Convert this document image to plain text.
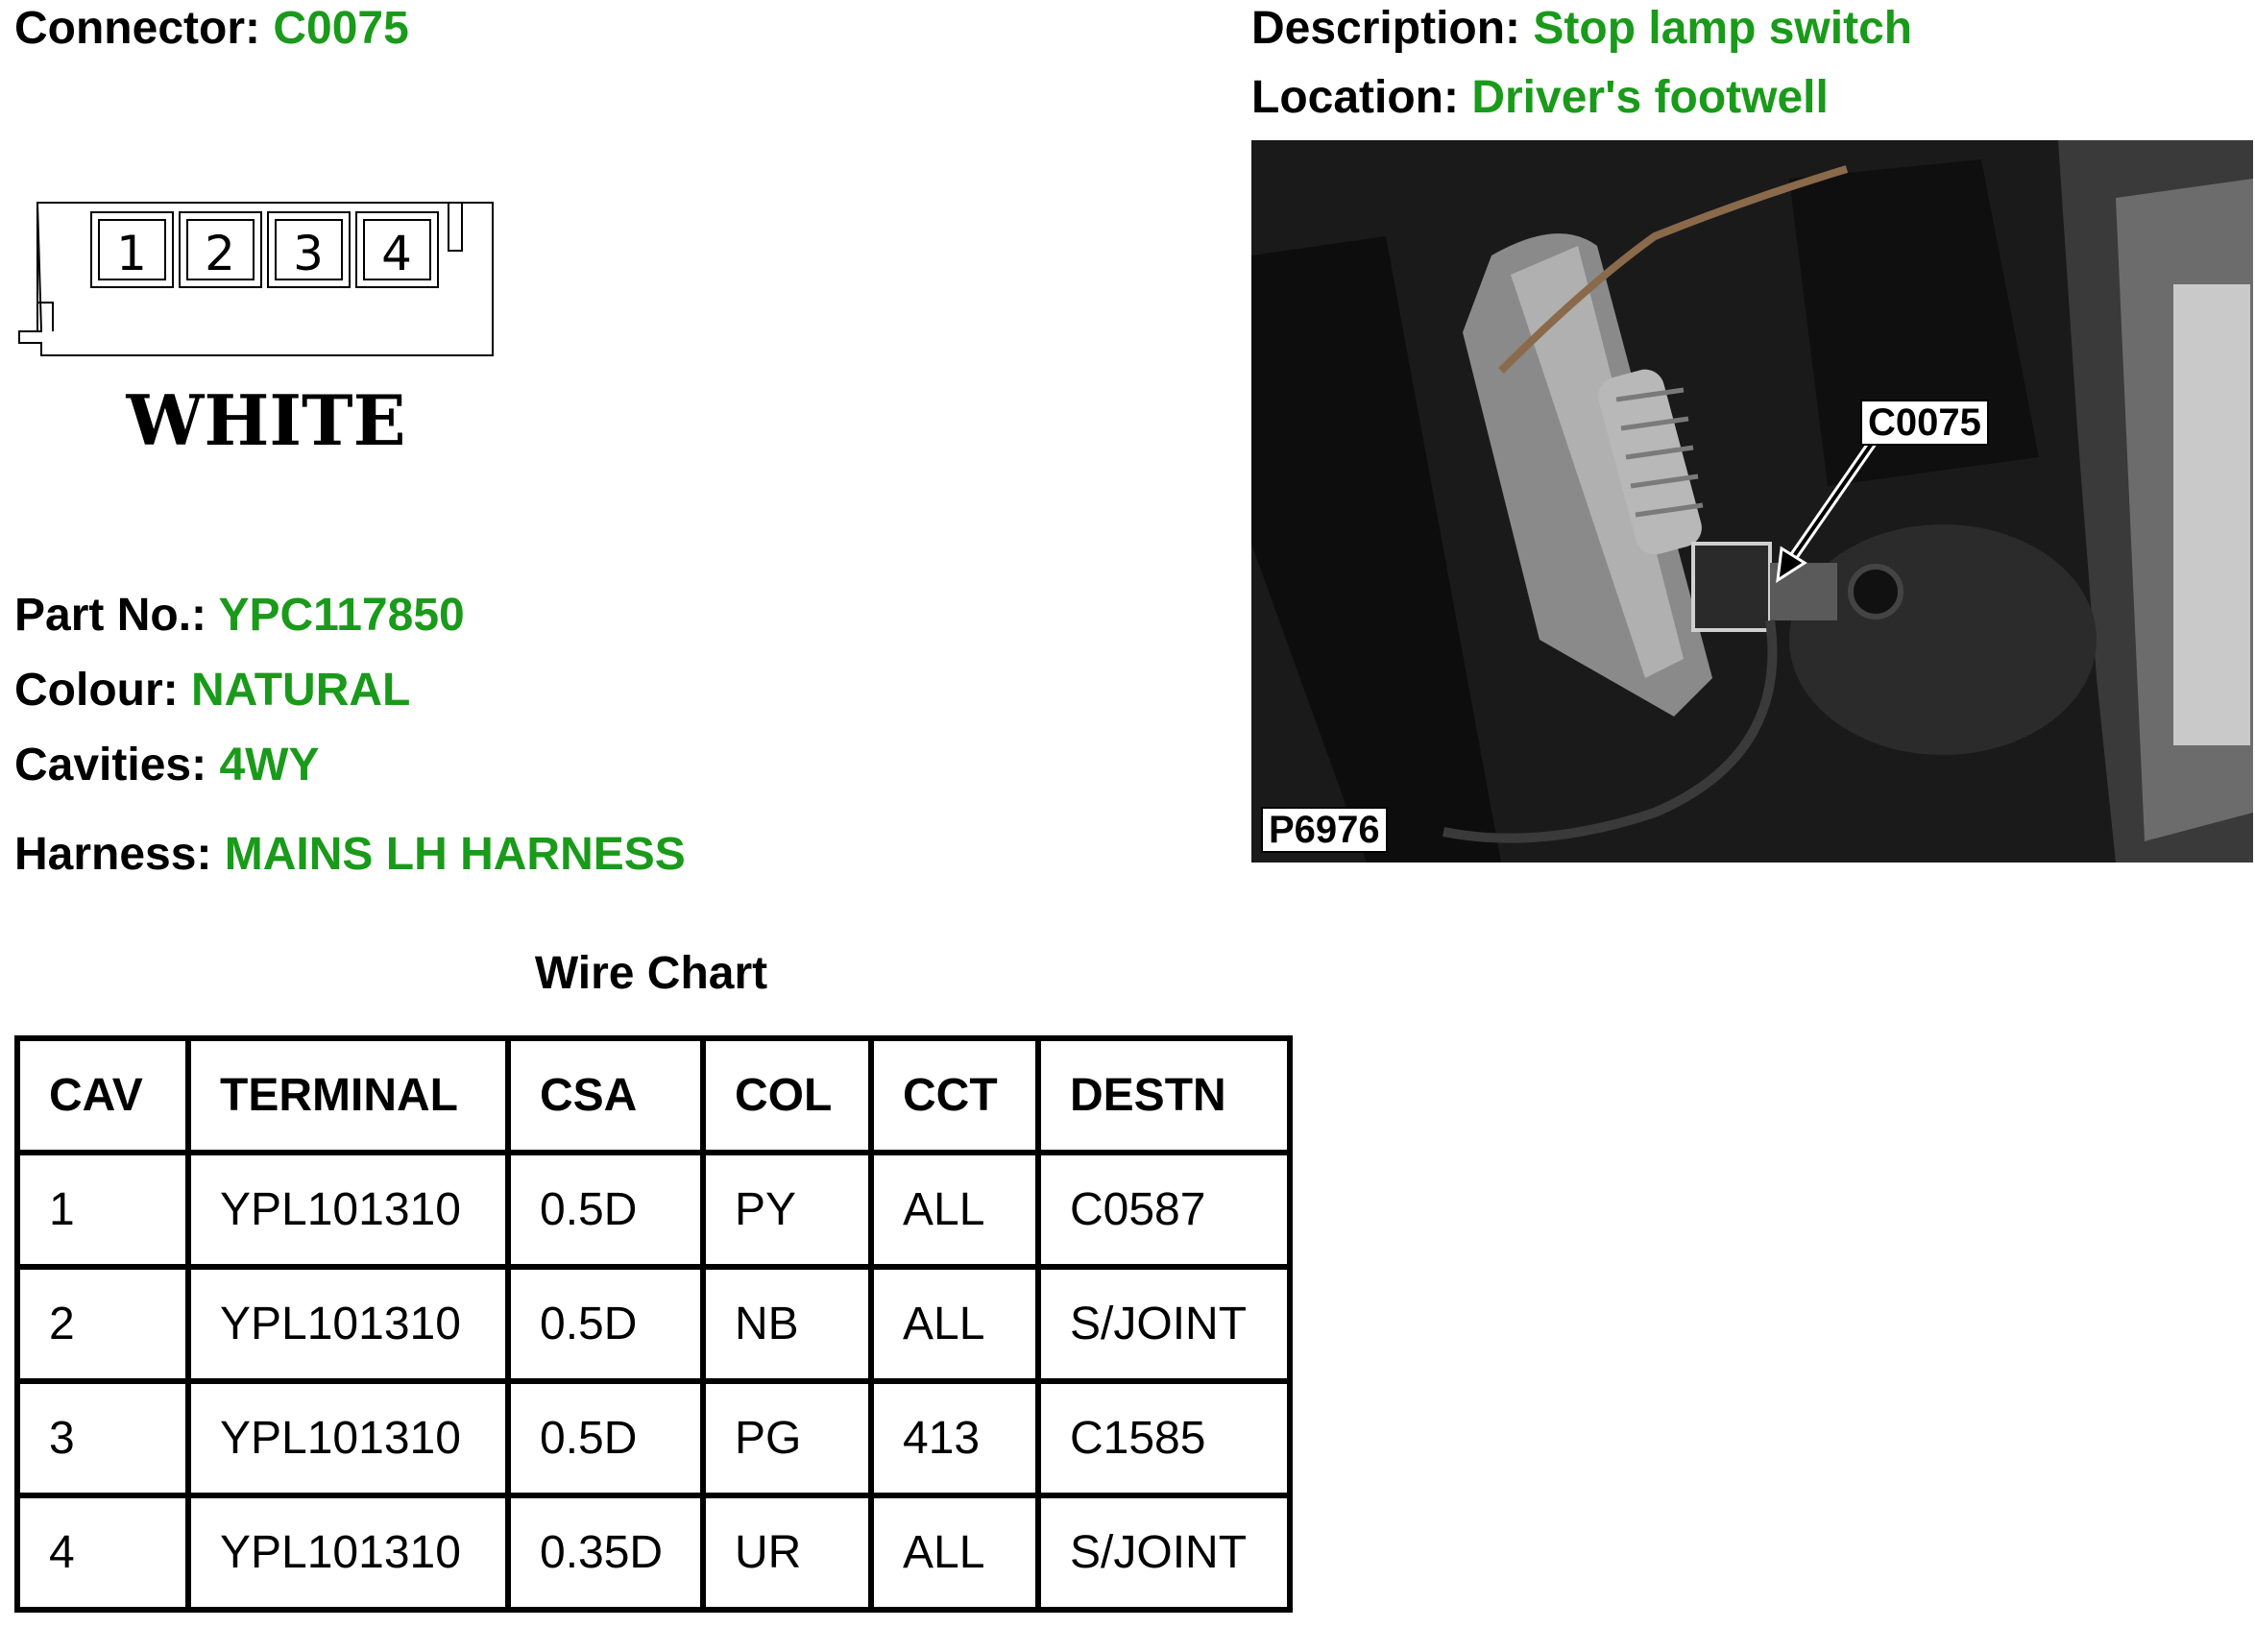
Connector: C0075	Description: Stop lamp switch
Location: Driver's footwell
1 2 3 4
WHITE
Part No.: YPC117850
Colour: NATURAL
Cavities: 4WY
Harness: MAINS LH HARNESS
C0075
P6976
Wire Chart
CAV	TERMINAL	CSA	COL	CCT	DESTN
1	YPL101310	0.5D	PY	ALL	C0587
2	YPL101310	0.5D	NB	ALL	S/JOINT
3	YPL101310	0.5D	PG	413	C1585
4	YPL101310	0.35D	UR	ALL	S/JOINT
